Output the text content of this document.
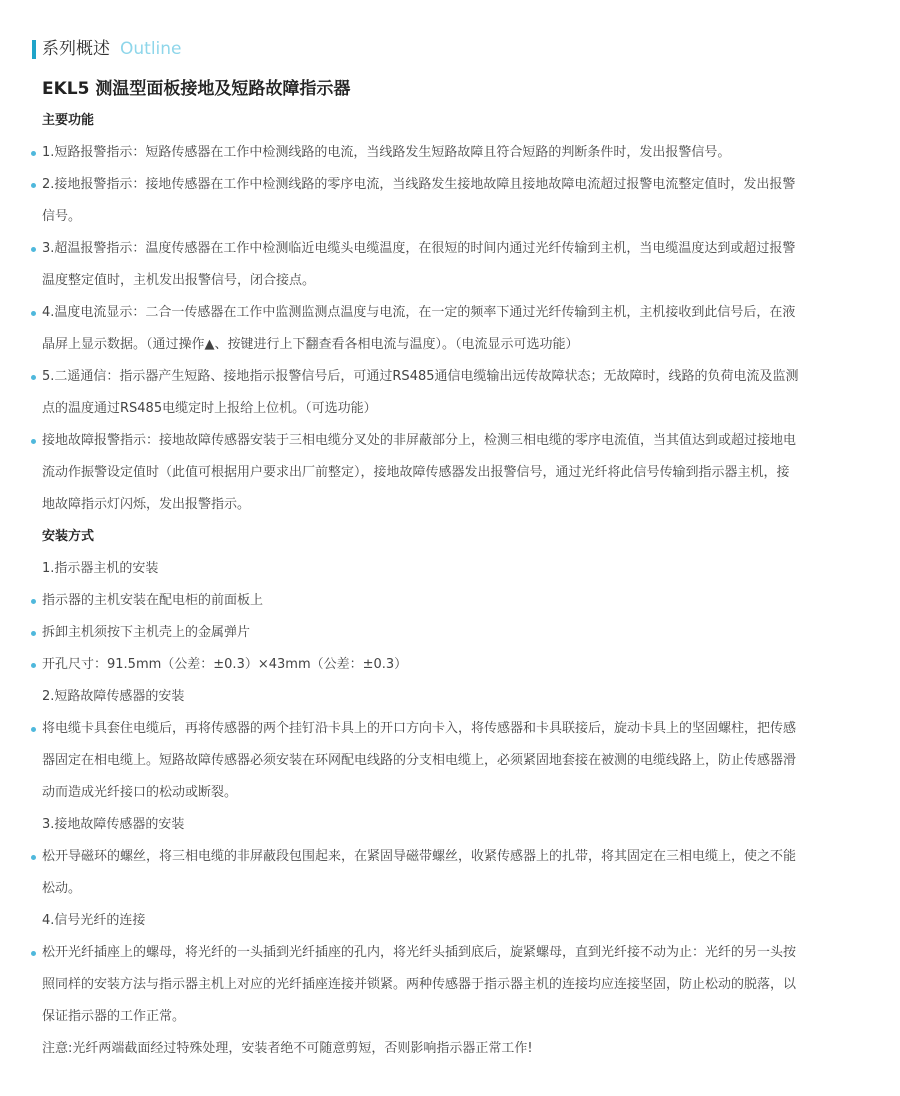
系列概述 Outline
EKL5 测温型面板接地及短路故障指示器
主要功能
1.短路报警指示：短路传感器在工作中检测线路的电流，当线路发生短路故障且符合短路的判断条件时，发出报警信号。
2.接地报警指示：接地传感器在工作中检测线路的零序电流，当线路发生接地故障且接地故障电流超过报警电流整定值时，发出报警
信号。
3.超温报警指示：温度传感器在工作中检测临近电缆头电缆温度，在很短的时间内通过光纤传输到主机，当电缆温度达到或超过报警
温度整定值时，主机发出报警信号，闭合接点。
4.温度电流显示：二合一传感器在工作中监测监测点温度与电流，在一定的频率下通过光纤传输到主机，主机接收到此信号后，在液
晶屏上显示数据。（通过操作▲、按键进行上下翻查看各相电流与温度）。（电流显示可选功能）
5.二遥通信：指示器产生短路、接地指示报警信号后，可通过RS485通信电缆输出远传故障状态；无故障时，线路的负荷电流及监测
点的温度通过RS485电缆定时上报给上位机。（可选功能）
接地故障报警指示：接地故障传感器安装于三相电缆分叉处的非屏蔽部分上，检测三相电缆的零序电流值，当其值达到或超过接地电
流动作振警设定值时（此值可根据用户要求出厂前整定），接地故障传感器发出报警信号，通过光纤将此信号传输到指示器主机，接
地故障指示灯闪烁，发出报警指示。
安装方式
1.指示器主机的安装
指示器的主机安装在配电柜的前面板上
拆卸主机须按下主机壳上的金属弹片
开孔尺寸：91.5mm（公差：±0.3）×43mm（公差：±0.3）
2.短路故障传感器的安装
将电缆卡具套住电缆后，再将传感器的两个挂钉沿卡具上的开口方向卡入，将传感器和卡具联接后，旋动卡具上的坚固螺柱，把传感
器固定在相电缆上。短路故障传感器必须安装在环网配电线路的分支相电缆上，必须紧固地套接在被测的电缆线路上，防止传感器滑
动而造成光纤接口的松动或断裂。
3.接地故障传感器的安装
松开导磁环的螺丝，将三相电缆的非屏蔽段包围起来，在紧固导磁带螺丝，收紧传感器上的扎带，将其固定在三相电缆上，使之不能
松动。
4.信号光纤的连接
松开光纤插座上的螺母，将光纤的一头插到光纤插座的孔内，将光纤头插到底后，旋紧螺母，直到光纤接不动为止：光纤的另一头按
照同样的安装方法与指示器主机上对应的光纤插座连接并锁紧。两种传感器于指示器主机的连接均应连接坚固，防止松动的脱落，以
保证指示器的工作正常。
注意:光纤两端截面经过特殊处理，安装者绝不可随意剪短，否则影响指示器正常工作!
